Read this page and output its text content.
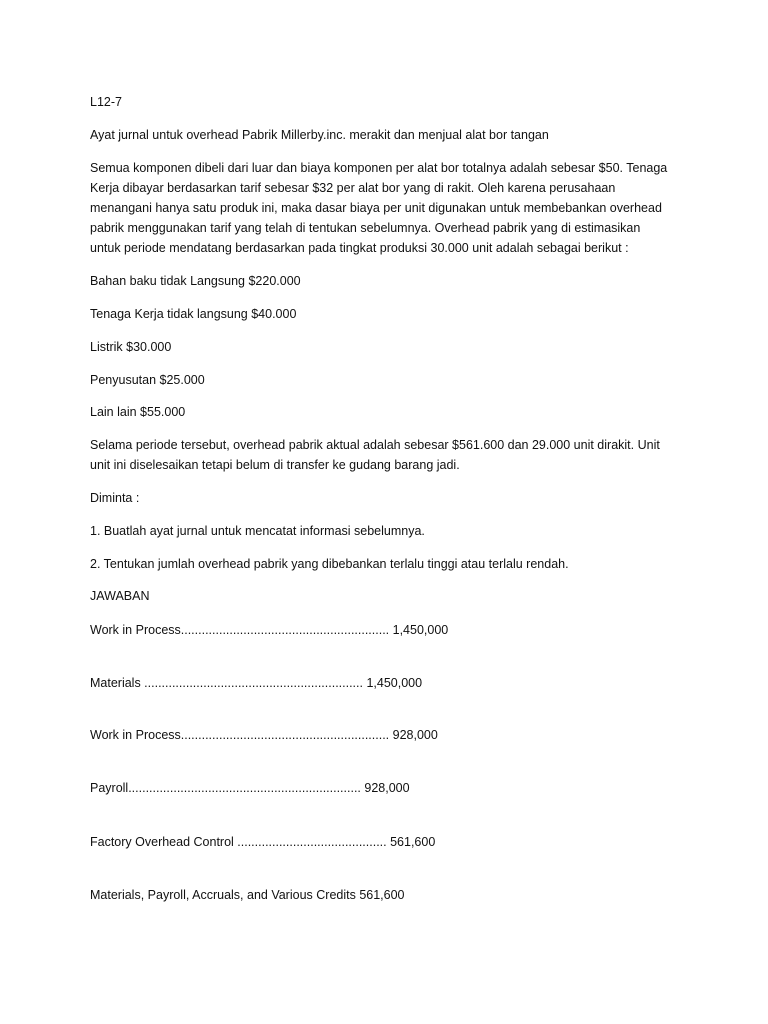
L12-7
Ayat jurnal untuk overhead Pabrik Millerby.inc. merakit dan menjual alat bor tangan
Semua komponen dibeli dari luar dan biaya komponen per alat bor totalnya adalah sebesar $50. Tenaga
Kerja dibayar berdasarkan tarif sebesar $32 per alat bor yang di rakit. Oleh karena perusahaan
menangani hanya satu produk ini, maka dasar biaya per unit digunakan untuk membebankan overhead
pabrik menggunakan tarif yang telah di tentukan sebelumnya. Overhead pabrik yang di estimasikan
untuk periode mendatang berdasarkan pada tingkat produksi 30.000 unit adalah sebagai berikut :
Bahan baku tidak Langsung $220.000
Tenaga Kerja tidak langsung $40.000
Listrik $30.000
Penyusutan $25.000
Lain lain $55.000
Selama periode tersebut, overhead pabrik aktual adalah sebesar $561.600 dan 29.000 unit dirakit. Unit
unit ini diselesaikan tetapi belum di transfer ke gudang barang jadi.
Diminta :
1. Buatlah ayat jurnal untuk mencatat informasi sebelumnya.
2. Tentukan jumlah overhead pabrik yang dibebankan terlalu tinggi atau terlalu rendah.
JAWABAN
Work in Process............................................................ 1,450,000
Materials ............................................................... 1,450,000
Work in Process............................................................ 928,000
Payroll................................................................... 928,000
Factory Overhead Control ........................................... 561,600
Materials, Payroll, Accruals, and Various Credits 561,600
